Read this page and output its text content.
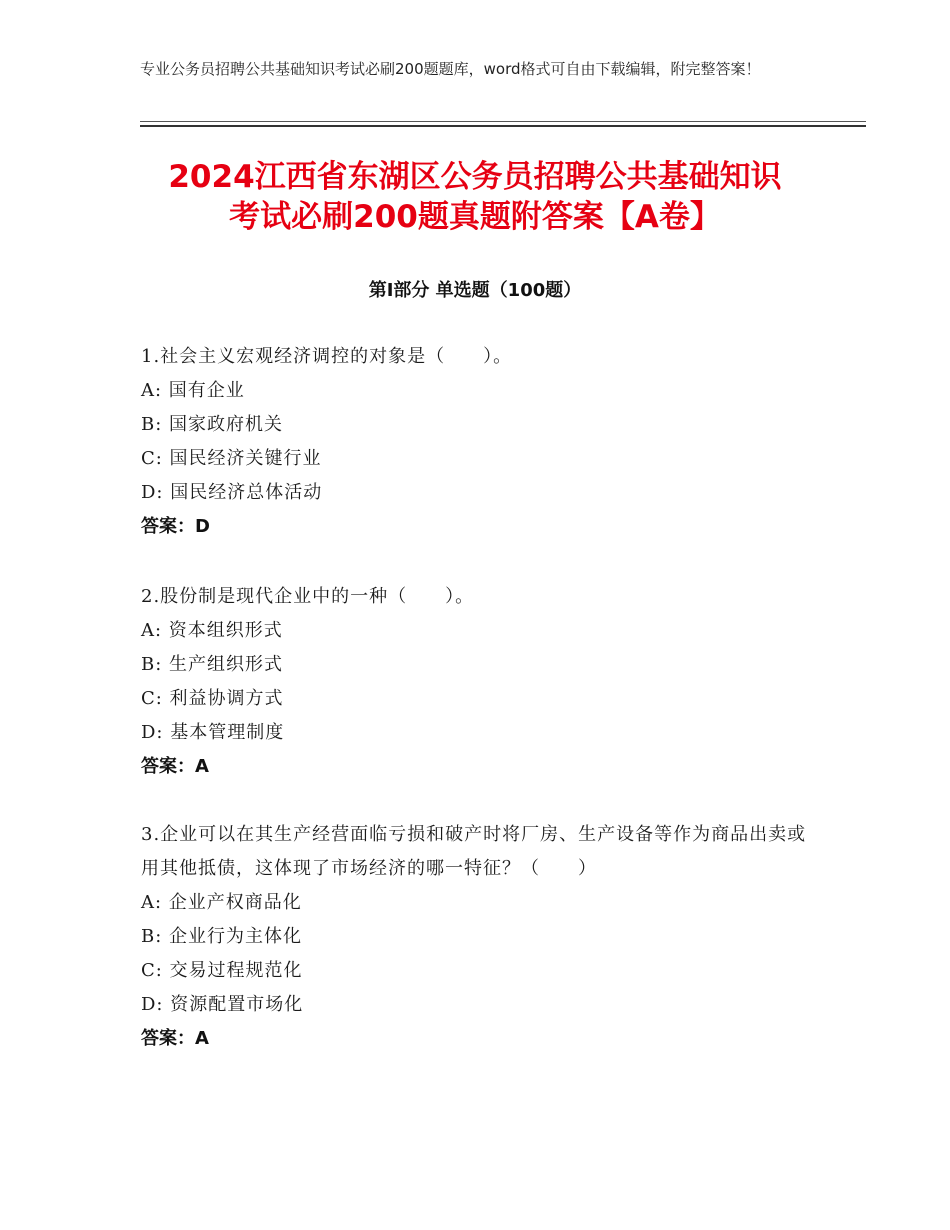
专业公务员招聘公共基础知识考试必刷200题题库，word格式可自由下载编辑，附完整答案！
2024江西省东湖区公务员招聘公共基础知识
考试必刷200题真题附答案【A卷】
第Ⅰ部分 单选题（100题）
1.社会主义宏观经济调控的对象是（　　）。
A: 国有企业
B: 国家政府机关
C: 国民经济关键行业
D: 国民经济总体活动
答案：D
2.股份制是现代企业中的一种（　　）。
A: 资本组织形式
B: 生产组织形式
C: 利益协调方式
D: 基本管理制度
答案：A
3.企业可以在其生产经营面临亏损和破产时将厂房、生产设备等作为商品出卖或用其他抵债，这体现了市场经济的哪一特征？（　　）
A: 企业产权商品化
B: 企业行为主体化
C: 交易过程规范化
D: 资源配置市场化
答案：A
